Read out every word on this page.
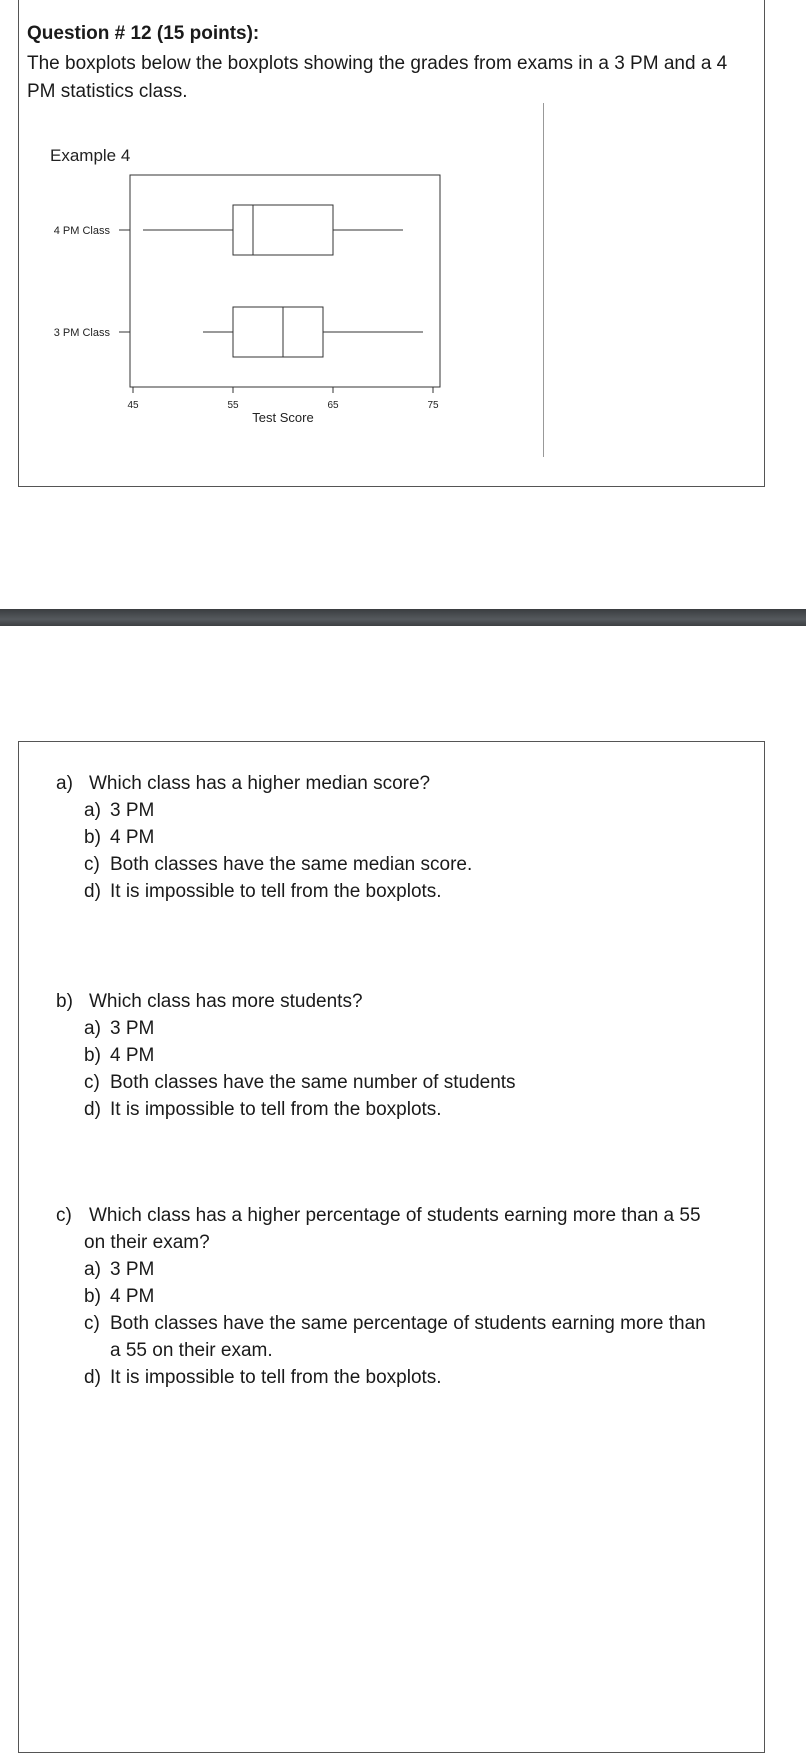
Question # 12 (15 points):
The boxplots below the boxplots showing the grades from exams in a 3 PM and a 4 PM statistics class.
Example 4
4 PM Class
3 PM Class
45	55	65	75
Test Score
a) Which class has a higher median score?
a) 3 PM
b) 4 PM
c) Both classes have the same median score.
d) It is impossible to tell from the boxplots.
b) Which class has more students?
a) 3 PM
b) 4 PM
c) Both classes have the same number of students
d) It is impossible to tell from the boxplots.
c) Which class has a higher percentage of students earning more than a 55
on their exam?
a) 3 PM
b) 4 PM
c) Both classes have the same percentage of students earning more than
a 55 on their exam.
d) It is impossible to tell from the boxplots.
